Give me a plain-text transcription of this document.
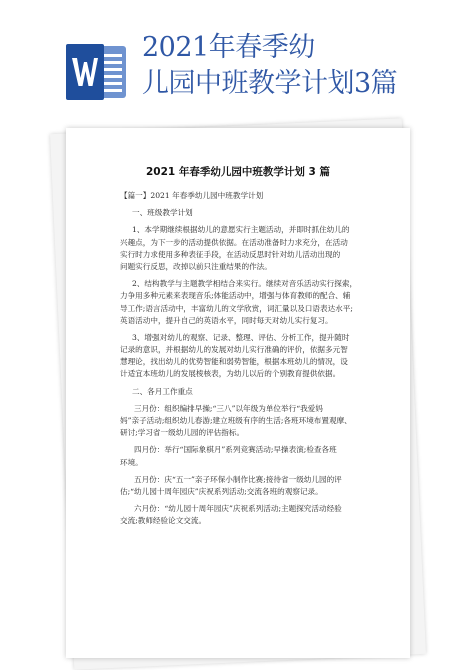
2021年春季幼
儿园中班教学计划3篇
2021 年春季幼儿园中班教学计划 3 篇
【篇一】2021 年春季幼儿园中班教学计划
一、班级教学计划
1、本学期继续根据幼儿的意愿实行主题活动，并即时抓住幼儿的
兴趣点，为下一步的活动提供依据。在活动准备时力求充分，在活动
实行时力求使用多种表征手段，在活动反思时针对幼儿活动出现的
问题实行反思，改掉以前只注重结果的作法。
2、结构教学与主题教学相结合来实行。继续对音乐活动实行探索，
力争用多种元素来表现音乐;体能活动中，增强与体育教师的配合、辅
导工作;语言活动中，丰富幼儿的文学欣赏，词汇量以及口语表达水平;
英语活动中，提升自己的英语水平，同时每天对幼儿实行复习。
3、增强对幼儿的观察、记录、整理、评估、分析工作，提升随时
记录的意识，并根据幼儿的发展对幼儿实行准确的评价，依据多元智
慧理论，找出幼儿的优势智能和弱势智能，根据本班幼儿的情况，设
计适宜本班幼儿的发展棱核表，为幼儿以后的个别教育提供依据。
二、各月工作重点
三月份：组织编排早操;“三八”以年级为单位举行“我爱妈
妈”亲子活动;组织幼儿春游;建立班级有序的生活;各班环境布置观摩、
研讨;学习省一级幼儿园的评估指标。
四月份：举行“国际象棋月”系列竞赛活动;早操表演;检查各班
环境。
五月份：庆“五一”亲子环保小制作比赛;接待省一级幼儿园的评
估;“幼儿园十周年园庆”庆祝系列活动;交流各班的观察记录。
六月份：“幼儿园十周年园庆”庆祝系列活动;主题探究活动经验
交流;教师经验论文交流。
